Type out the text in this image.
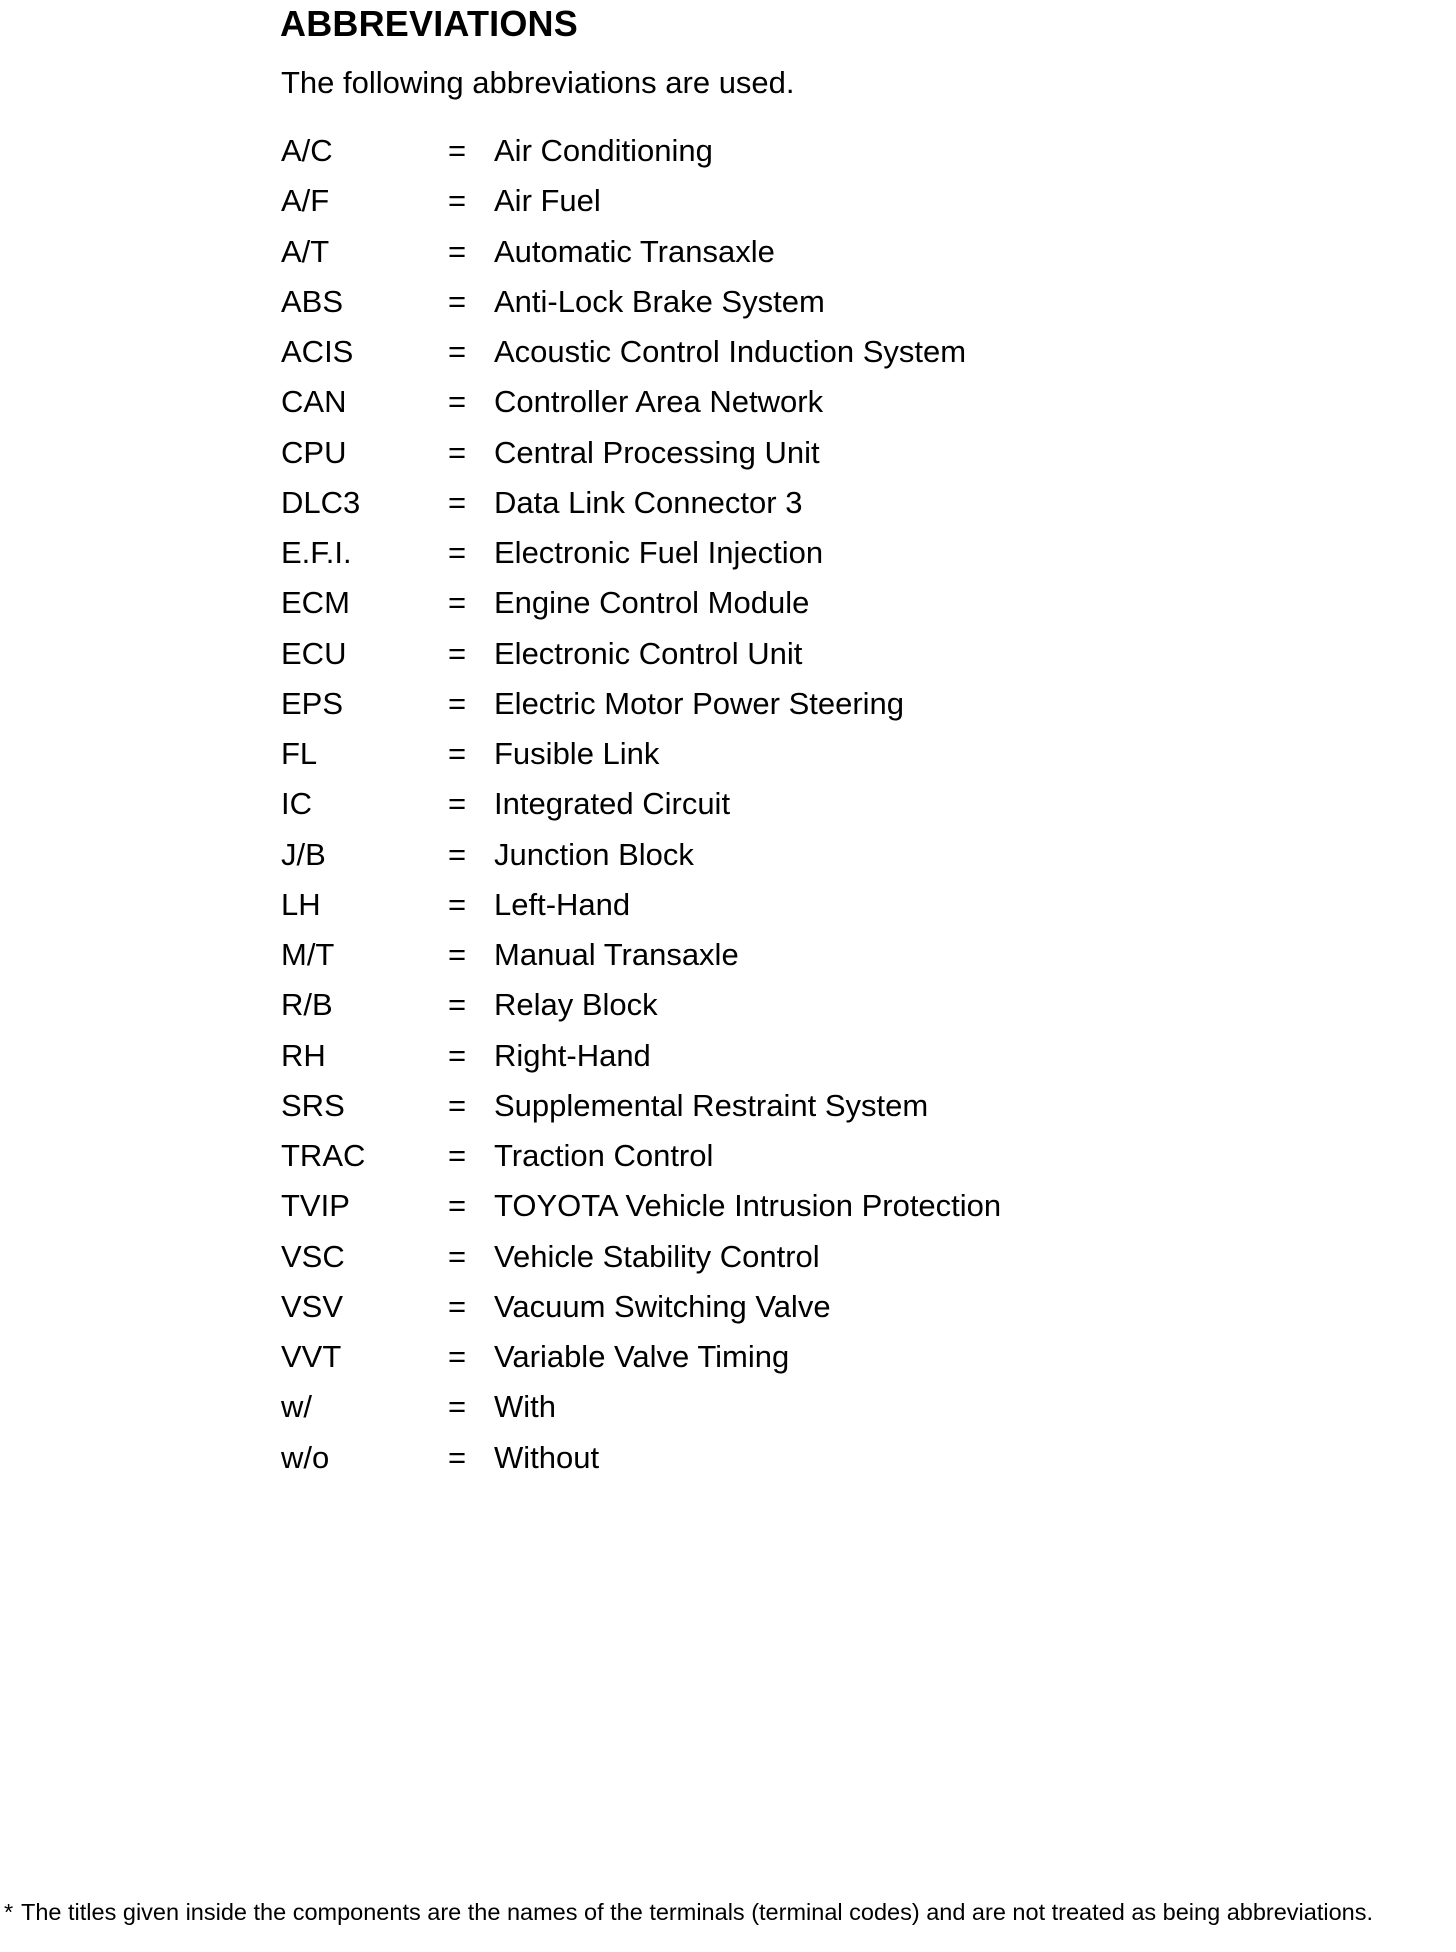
ABBREVIATIONS

The following abbreviations are used.

A/C	= Air Conditioning
A/F	= Air Fuel
A/T	= Automatic Transaxle
ABS	= Anti-Lock Brake System
ACIS	= Acoustic Control Induction System
CAN	= Controller Area Network
CPU	= Central Processing Unit
DLC3	= Data Link Connector 3
E.F.I.	= Electronic Fuel Injection
ECM	= Engine Control Module
ECU	= Electronic Control Unit
EPS	= Electric Motor Power Steering
FL	= Fusible Link
IC	= Integrated Circuit
J/B	= Junction Block
LH	= Left-Hand
M/T	= Manual Transaxle
R/B	= Relay Block
RH	= Right-Hand
SRS	= Supplemental Restraint System
TRAC	= Traction Control
TVIP	= TOYOTA Vehicle Intrusion Protection
VSC	= Vehicle Stability Control
VSV	= Vacuum Switching Valve
VVT	= Variable Valve Timing
w/	= With
w/o	= Without

* The titles given inside the components are the names of the terminals (terminal codes) and are not treated as being abbreviations.
